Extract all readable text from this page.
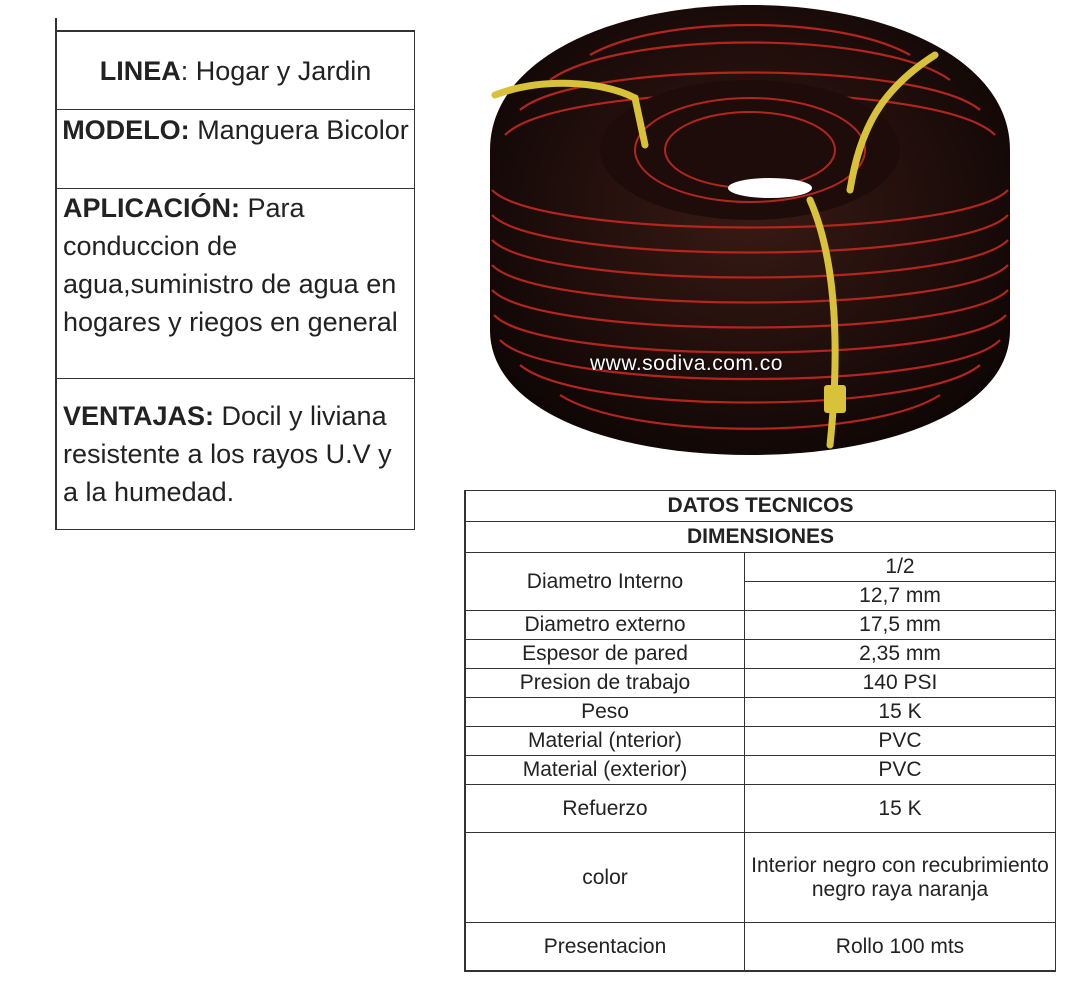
LINEA: Hogar y Jardin
MODELO: Manguera Bicolor
APLICACIÓN: Para conduccion de agua,suministro de agua en hogares y riegos en general
VENTAJAS: Docil y liviana resistente a los rayos U.V y a la humedad.
www.sodiva.com.co
DATOS TECNICOS	
DIMENSIONES	
Diametro Interno	1/2
	12,7 mm
Diametro externo	17,5 mm
Espesor de pared	2,35 mm
Presion de trabajo	140 PSI
Peso	15 K
Material (nterior)	PVC
Material (exterior)	PVC
Refuerzo	15 K
color	Interior negro con recubrimiento negro raya naranja
Presentacion	Rollo 100 mts
